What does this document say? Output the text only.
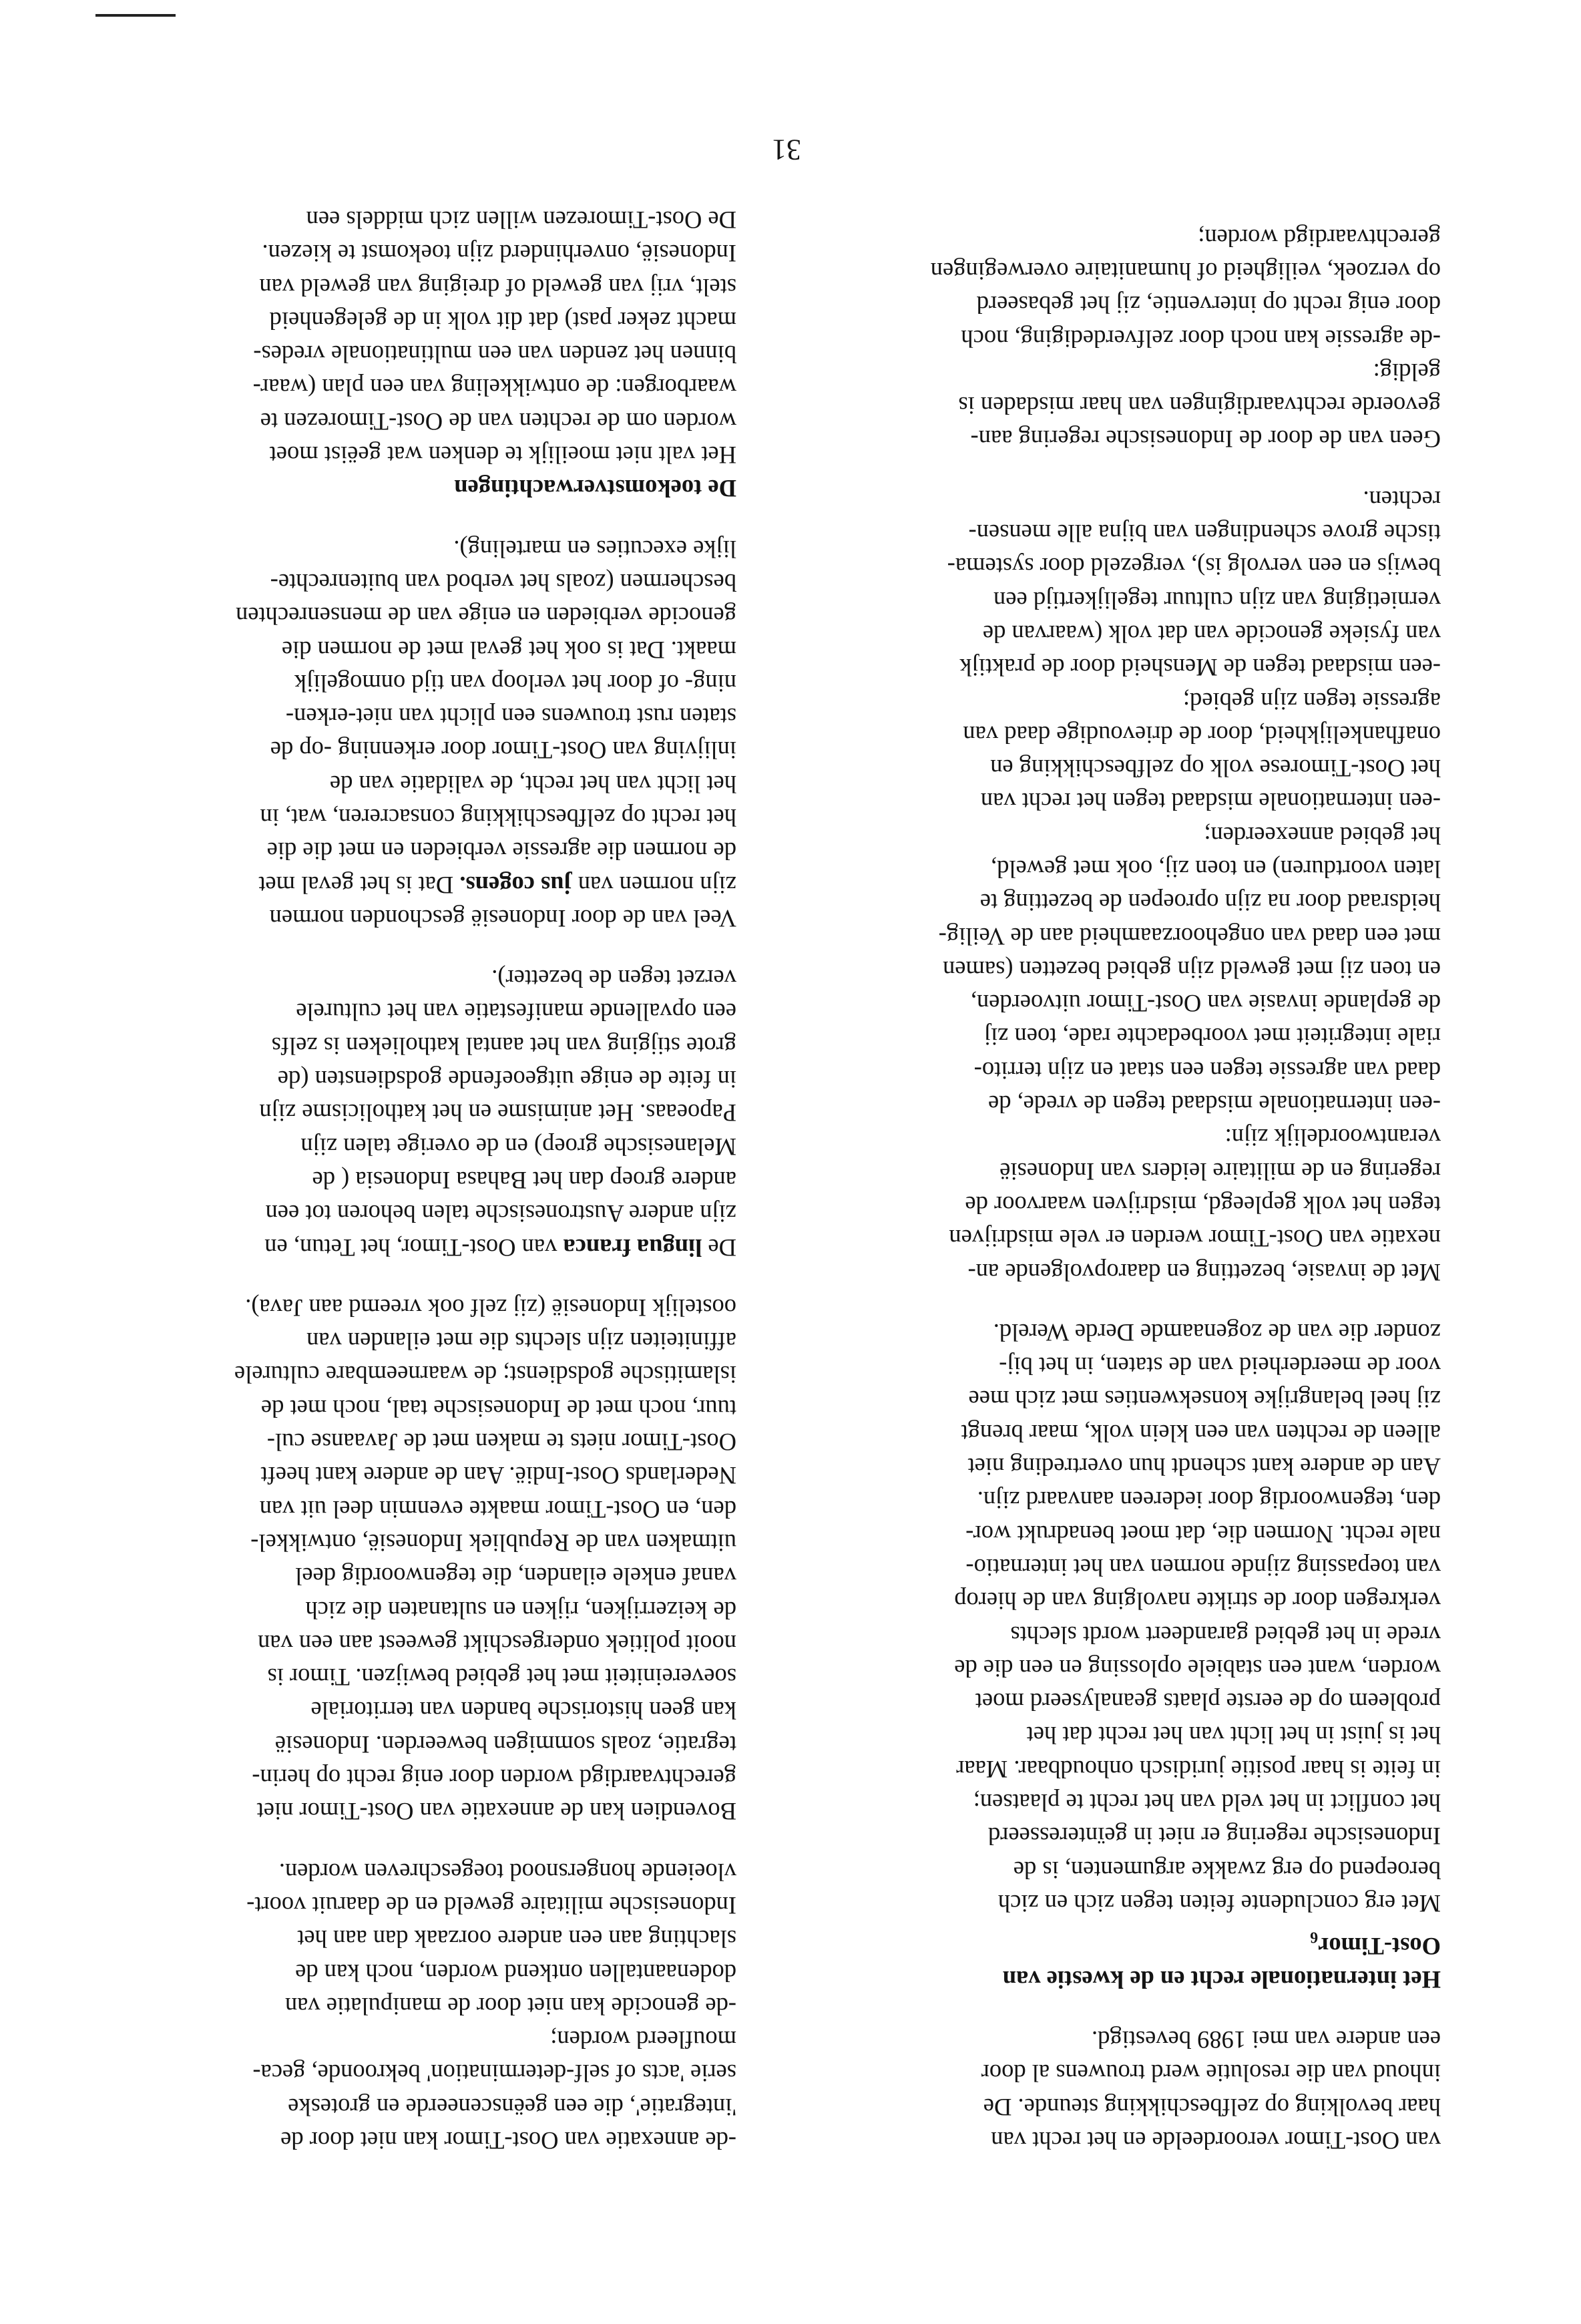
van Oost-Timor veroordeelde en het recht van
haar bevolking op zelfbeschikking steunde. De
inhoud van die resolutie werd trouwens al door
een andere van mei 1989 bevestigd.
Het internationale recht en de kwestie van
Oost-Timor$_6$
Met erg concludente feiten tegen zich en zich
beroepend op erg zwakke argumenten, is de
Indonesische regering er niet in geïnteresseerd
het conflict in het veld van het recht te plaatsen;
in feite is haar positie juridisch onhoudbaar. Maar
het is juist in het licht van het recht dat het
probleem op de eerste plaats geanalyseerd moet
worden, want een stabiele oplossing en een die de
vrede in het gebied garandeert wordt slechts
verkregen door de strikte navolging van de hierop
van toepassing zijnde normen van het internatio-
nale recht. Normen die, dat moet benadrukt wor-
den, tegenwoordig door iedereen aanvaard zijn.
Aan de andere kant schendt hun overtreding niet
alleen de rechten van een klein volk, maar brengt
zij heel belangrijke konsekwenties met zich mee
voor de meerderheid van de staten, in het bij-
zonder die van de zogenaamde Derde Wereld.
Met de invasie, bezetting en daaropvolgende an-
nexatie van Oost-Timor werden er vele misdrijven
tegen het volk gepleegd, misdrijven waarvoor de
regering en de militaire leiders van Indonesië
verantwoordelijk zijn:
-een internationale misdaad tegen de vrede, de
daad van agressie tegen een staat en zijn territo-
riale integriteit met voorbedachte rade, toen zij
de geplande invasie van Oost-Timor uitvoerden,
en toen zij met geweld zijn gebied bezetten (samen
met een daad van ongehoorzaamheid aan de Veilig-
heidsraad door na zijn oproepen de bezetting te
laten voortduren) en toen zij, ook met geweld,
het gebied annexeerden;
-een internationale misdaad tegen het recht van
het Oost-Timorese volk op zelfbeschikking en
onafhankelijkheid, door de drievoudige daad van
agressie tegen zijn gebied;
-een misdaad tegen de Mensheid door de praktijk
van fysieke genocide van dat volk (waarvan de
vernietiging van zijn cultuur tegelijkertijd een
bewijs en een vervolg is), vergezeld door systema-
tische grove schendingen van bijna alle mensen-
rechten.
Geen van de door de Indonesische regering aan-
gevoerde rechtvaardigingen van haar misdaden is
geldig:
-de agressie kan noch door zelfverdediging, noch
door enig recht op interventie, zij het gebaseerd
op verzoek, veiligheid of humanitaire overwegingen
gerechtvaardigd worden;
-de annexatie van Oost-Timor kan niet door de
'integratie', die een geënsceneerde en groteske
serie 'acts of self-determination' bekroonde, geca-
moufleerd worden;
-de genocide kan niet door de manipulatie van
dodenaantallen ontkend worden, noch kan de
slachting aan een andere oorzaak dan aan het
Indonesische militaire geweld en de daaruit voort-
vloeiende hongersnood toegeschreven worden.
Bovendien kan de annexatie van Oost-Timor niet
gerechtvaardigd worden door enig recht op herin-
tegratie, zoals sommigen beweerden. Indonesië
kan geen historische banden van territoriale
soevereiniteit met het gebied bewijzen. Timor is
nooit politiek ondergeschikt geweest aan een van
de keizerrijken, rijken en sultanaten die zich
vanaf enkele eilanden, die tegenwoordig deel
uitmaken van de Republiek Indonesië, ontwikkel-
den, en Oost-Timor maakte evenmin deel uit van
Nederlands Oost-Indië. Aan de andere kant heeft
Oost-Timor niets te maken met de Javaanse cul-
tuur, noch met de Indonesische taal, noch met de
islamitische godsdienst; de waarneembare culturele
affiniteiten zijn slechts die met eilanden van
oostelijk Indonesië (zij zelf ook vreemd aan Java).
De lingua franca van Oost-Timor, het Tetun, en
zijn andere Austronesische talen behoren tot een
andere groep dan het Bahasa Indonesia ( de
Melanesische groep) en de overige talen zijn
Papoeaas. Het animisme en het katholicisme zijn
in feite de enige uitgeoefende godsdiensten (de
grote stijging van het aantal katholieken is zelfs
een opvallende manifestatie van het culturele
verzet tegen de bezetter).
Veel van de door Indonesië geschonden normen
zijn normen van jus cogens. Dat is het geval met
de normen die agressie verbieden en met die die
het recht op zelfbeschikking consacreren, wat, in
het licht van het recht, de validatie van de
inlijving van Oost-Timor door erkenning -op de
staten rust trouwens een plicht van niet-erken-
ning- of door het verloop van tijd onmogelijk
maakt. Dat is ook het geval met de normen die
genocide verbieden en enige van de mensenrechten
beschermen (zoals het verbod van buitenrechte-
lijke executies en marteling).
De toekomstverwachtingen
Het valt niet moeilijk te denken wat geëist moet
worden om de rechten van de Oost-Timorezen te
waarborgen: de ontwikkeling van een plan (waar-
binnen het zenden van een multinationale vredes-
macht zeker past) dat dit volk in de gelegenheid
stelt, vrij van geweld of dreiging van geweld van
Indonesië, onverhinderd zijn toekomst te kiezen.
De Oost-Timorezen willen zich middels een
31
